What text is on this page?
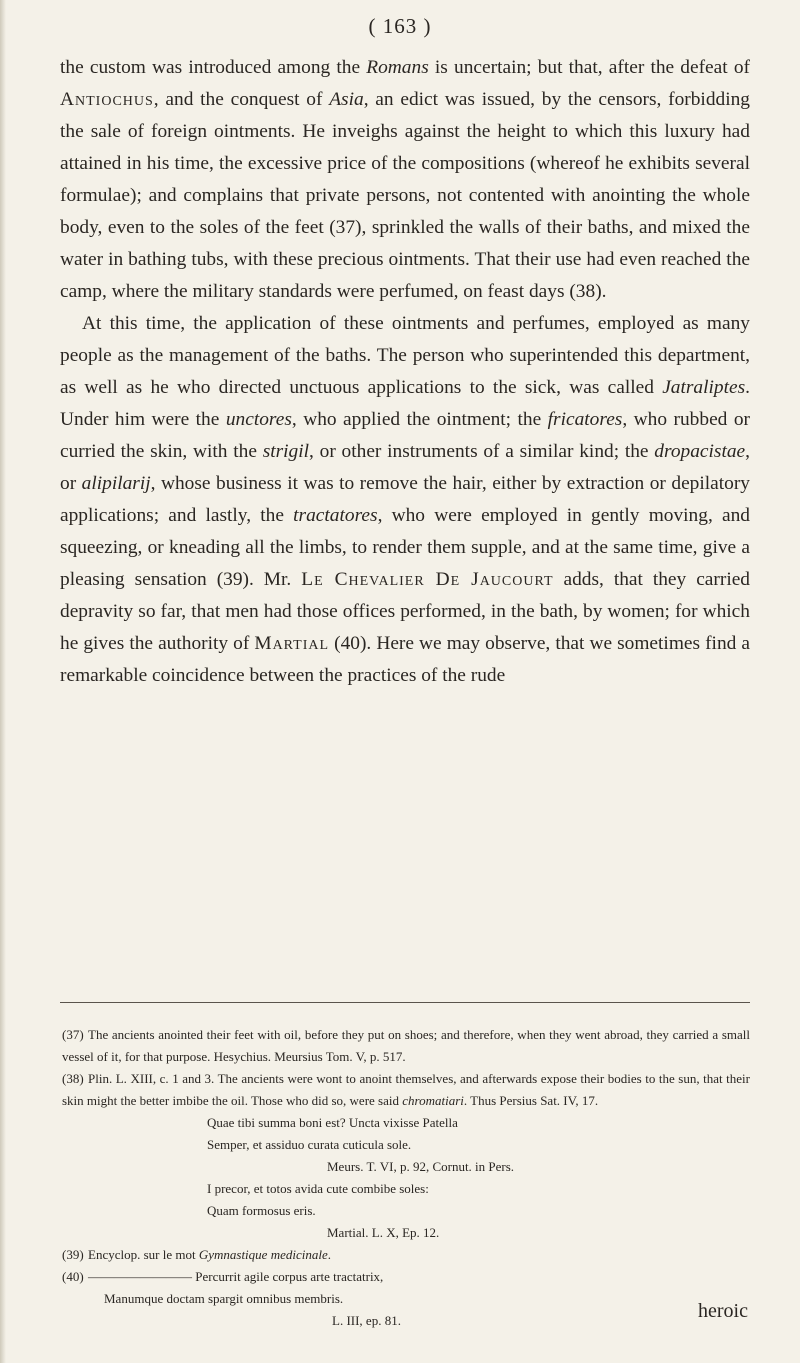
( 163 )

the custom was introduced among the Romans is uncertain; but that, after the defeat of Antiochus, and the conquest of Asia, an edict was issued, by the censors, forbidding the sale of foreign ointments. He inveighs against the height to which this luxury had attained in his time, the excessive price of the compositions (whereof he exhibits several formulae); and complains that private persons, not contented with anointing the whole body, even to the soles of the feet (37), sprinkled the walls of their baths, and mixed the water in bathing tubs, with these precious ointments. That their use had even reached the camp, where the military standards were perfumed, on feast days (38).

At this time, the application of these ointments and perfumes, employed as many people as the management of the baths. The person who superintended this department, as well as he who directed unctuous applications to the sick, was called Jatraliptes. Under him were the unctores, who applied the ointment; the fricatores, who rubbed or curried the skin, with the strigil, or other instruments of a similar kind; the dropacistae, or alipilarij, whose business it was to remove the hair, either by extraction or depilatory applications; and lastly, the tractatores, who were employed in gently moving, and squeezing, or kneading all the limbs, to render them supple, and at the same time, give a pleasing sensation (39). Mr. Le Chevalier De Jaucourt adds, that they carried depravity so far, that men had those offices performed, in the bath, by women; for which he gives the authority of Martial (40). Here we may observe, that we sometimes find a remarkable coincidence between the practices of the rude

(37) The ancients anointed their feet with oil, before they put on shoes; and therefore, when they went abroad, they carried a small vessel of it, for that purpose. Hesychius. Meursius Tom. V, p. 517.

(38) Plin. L. XIII, c. 1 and 3. The ancients were wont to anoint themselves, and afterwards expose their bodies to the sun, that their skin might the better imbibe the oil. Those who did so, were said chromatiari. Thus Persius Sat. IV, 17.

Quae tibi summa boni est? Uncta vixisse Patella

Semper, et assiduo curata cuticula sole.

Meurs. T. VI, p. 92, Cornut. in Pers.

I precor, et totos avida cute combibe soles:

Quam formosus eris.

Martial. L. X, Ep. 12.

(39) Encyclop. sur le mot Gymnastique medicinale.

(40) ———————— Percurrit agile corpus arte tractatrix,

Manumque doctam spargit omnibus membris.

L. III, ep. 81.	heroic
